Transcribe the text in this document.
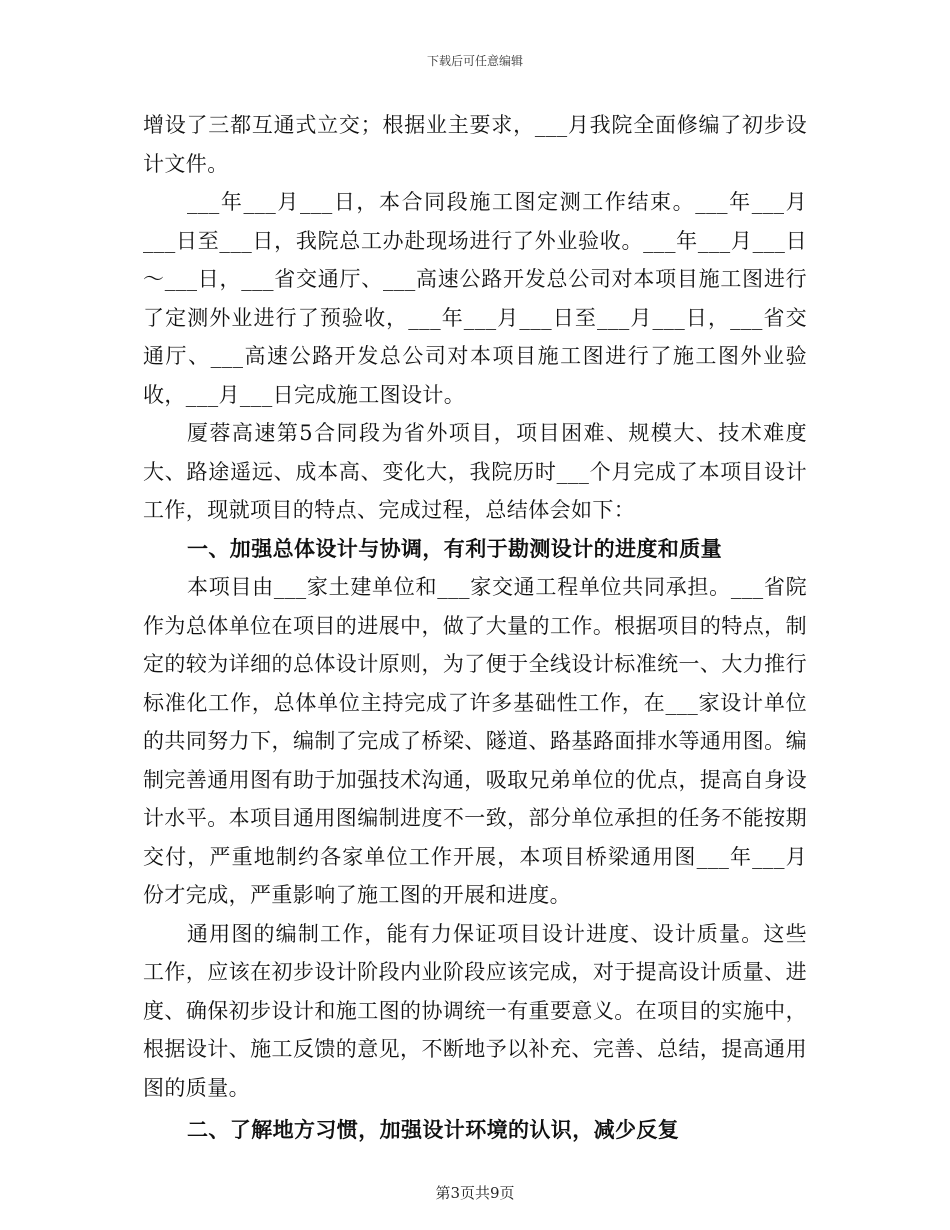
下载后可任意编辑

增设了三都互通式立交；根据业主要求，___月我院全面修编了初步设计文件。

___年___月___日，本合同段施工图定测工作结束。___年___月___日至___日，我院总工办赴现场进行了外业验收。___年___月___日～___日，___省交通厅、___高速公路开发总公司对本项目施工图进行了定测外业进行了预验收，___年___月___日至___月___日，___省交通厅、___高速公路开发总公司对本项目施工图进行了施工图外业验收，___月___日完成施工图设计。

厦蓉高速第5合同段为省外项目，项目困难、规模大、技术难度大、路途遥远、成本高、变化大，我院历时___个月完成了本项目设计工作，现就项目的特点、完成过程，总结体会如下：

一、加强总体设计与协调，有利于勘测设计的进度和质量

本项目由___家土建单位和___家交通工程单位共同承担。___省院作为总体单位在项目的进展中，做了大量的工作。根据项目的特点，制定的较为详细的总体设计原则，为了便于全线设计标准统一、大力推行标准化工作，总体单位主持完成了许多基础性工作，在___家设计单位的共同努力下，编制了完成了桥梁、隧道、路基路面排水等通用图。编制完善通用图有助于加强技术沟通，吸取兄弟单位的优点，提高自身设计水平。本项目通用图编制进度不一致，部分单位承担的任务不能按期交付，严重地制约各家单位工作开展，本项目桥梁通用图___年___月份才完成，严重影响了施工图的开展和进度。

通用图的编制工作，能有力保证项目设计进度、设计质量。这些工作，应该在初步设计阶段内业阶段应该完成，对于提高设计质量、进度、确保初步设计和施工图的协调统一有重要意义。在项目的实施中，根据设计、施工反馈的意见，不断地予以补充、完善、总结，提高通用图的质量。

二、了解地方习惯，加强设计环境的认识，减少反复

第3页共9页
